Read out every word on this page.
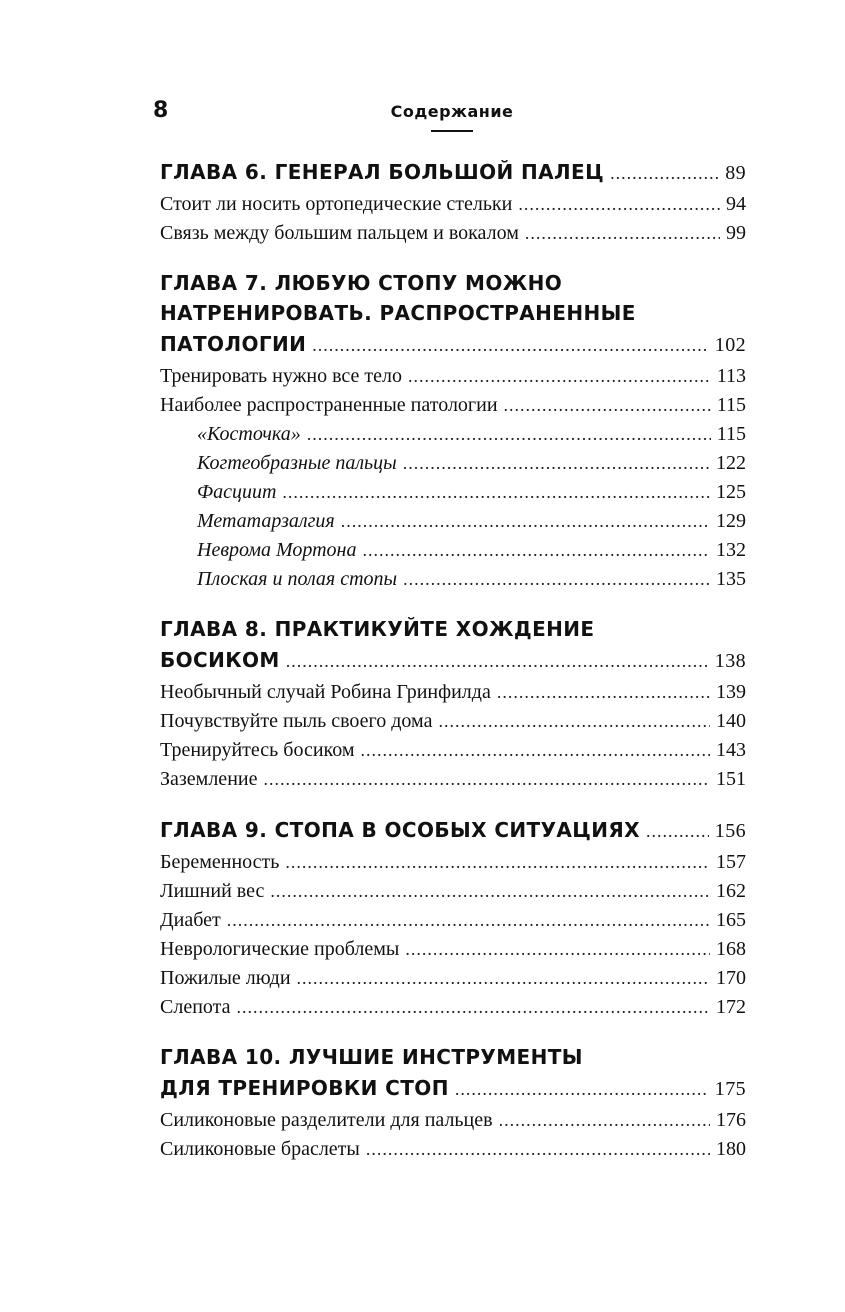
8	Содержание
ГЛАВА 6. ГЕНЕРАЛ БОЛЬШОЙ ПАЛЕЦ .....	89
Стоит ли носить ортопедические стельки .....	94
Связь между большим пальцем и вокалом .....	99
ГЛАВА 7. ЛЮБУЮ СТОПУ МОЖНО
НАТРЕНИРОВАТЬ. РАСПРОСТРАНЕННЫЕ
ПАТОЛОГИИ .....	102
Тренировать нужно все тело .....	113
Наиболее распространенные патологии .....	115
«Косточка» .....	115
Когтеобразные пальцы .....	122
Фасциит .....	125
Метатарзалгия .....	129
Неврома Мортона .....	132
Плоская и полая стопы .....	135
ГЛАВА 8. ПРАКТИКУЙТЕ ХОЖДЕНИЕ
БОСИКОМ .....	138
Необычный случай Робина Гринфилда .....	139
Почувствуйте пыль своего дома .....	140
Тренируйтесь босиком .....	143
Заземление .....	151
ГЛАВА 9. СТОПА В ОСОБЫХ СИТУАЦИЯХ .....	156
Беременность .....	157
Лишний вес .....	162
Диабет .....	165
Неврологические проблемы .....	168
Пожилые люди .....	170
Слепота .....	172
ГЛАВА 10. ЛУЧШИЕ ИНСТРУМЕНТЫ
ДЛЯ ТРЕНИРОВКИ СТОП .....	175
Силиконовые разделители для пальцев .....	176
Силиконовые браслеты .....	180
